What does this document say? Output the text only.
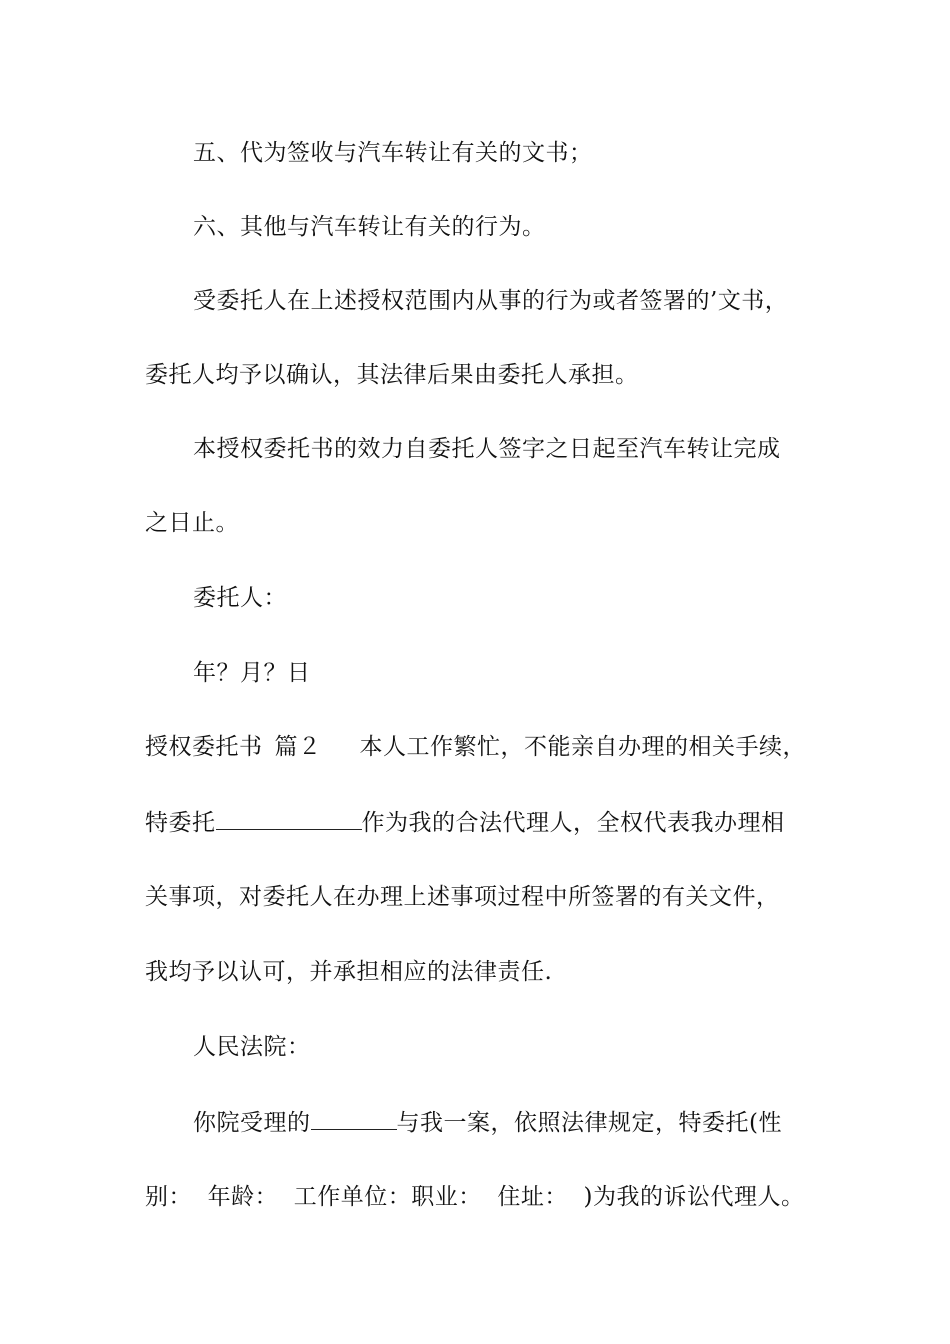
五、代为签收与汽车转让有关的文书；
六、其他与汽车转让有关的行为。
受委托人在上述授权范围内从事的行为或者签署的’文书，
委托人均予以确认，其法律后果由委托人承担。
本授权委托书的效力自委托人签字之日起至汽车转让完成
之日止。
委托人：
年？月？日
授权委托书 篇２ 本人工作繁忙，不能亲自办理的相关手续，
特委托	作为我的合法代理人，全权代表我办理相
关事项，对委托人在办理上述事项过程中所签署的有关文件，
我均予以认可，并承担相应的法律责任.
人民法院：
你院受理的	与我一案，依照法律规定，特委托(性
别：  年龄：  工作单位：职业：  住址：  )为我的诉讼代理人。
